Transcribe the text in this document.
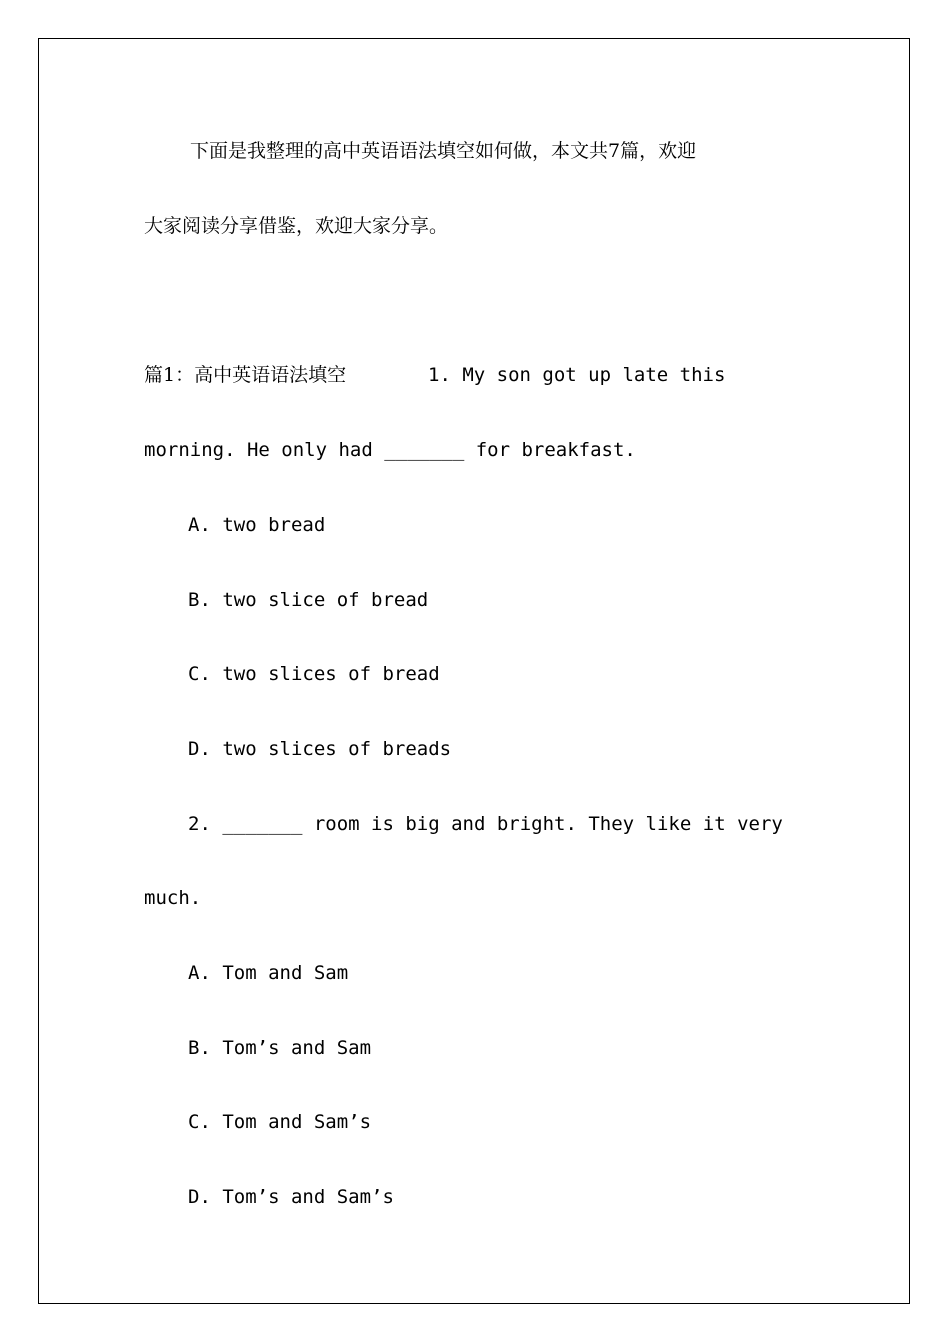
下面是我整理的高中英语语法填空如何做，本文共7篇，欢迎
大家阅读分享借鉴，欢迎大家分享。
篇1：高中英语语法填空	1. My son got up late this
morning. He only had _______ for breakfast.
A. two bread
B. two slice of bread
C. two slices of bread
D. two slices of breads
2. _______ room is big and bright. They like it very
much.
A. Tom and Sam
B. Tom’s and Sam
C. Tom and Sam’s
D. Tom’s and Sam’s
